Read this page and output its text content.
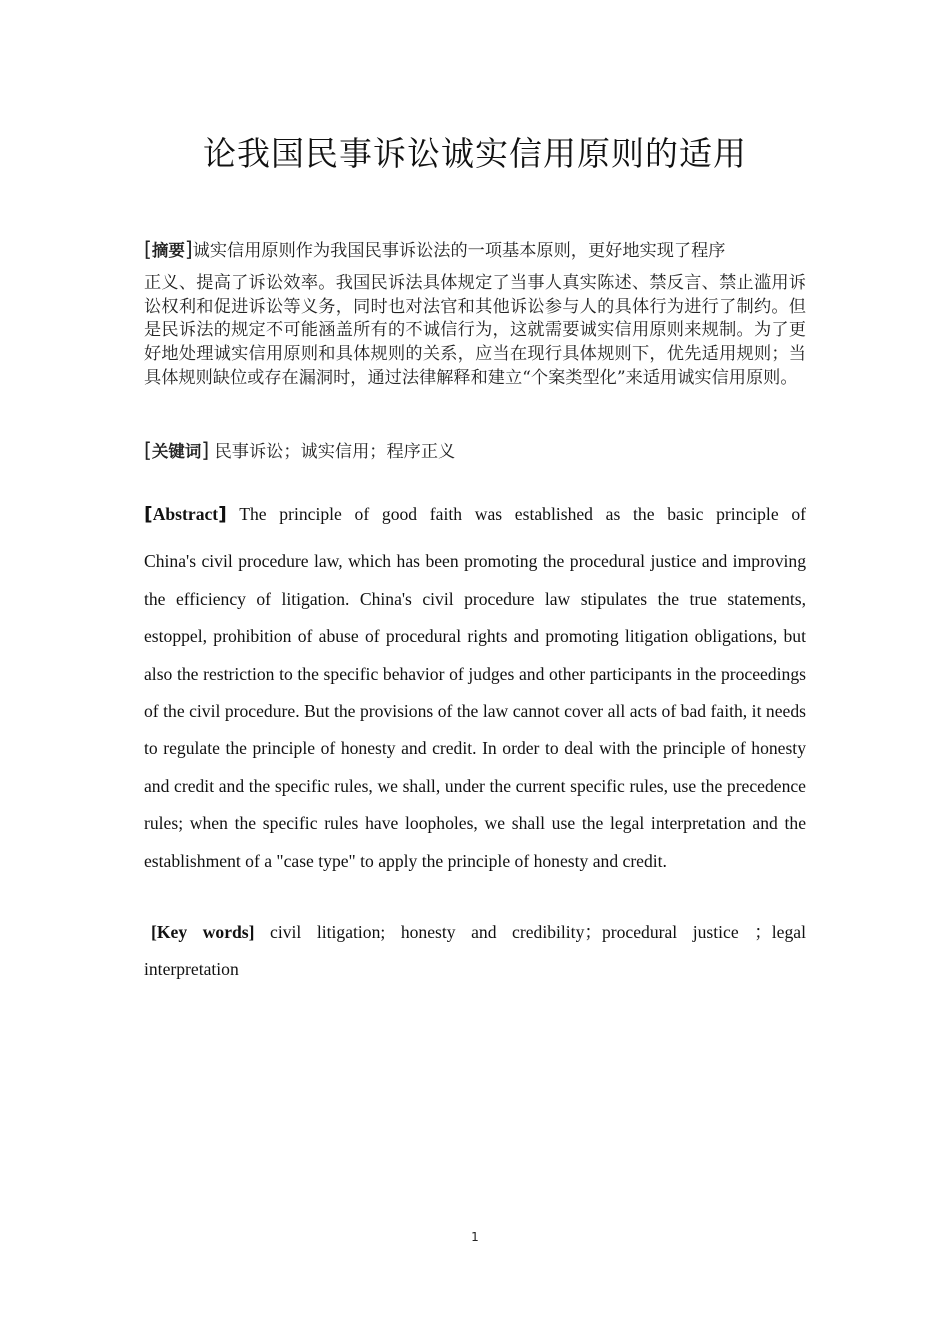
论我国民事诉讼诚实信用原则的适用
[摘要]诚实信用原则作为我国民事诉讼法的一项基本原则，更好地实现了程序
正义、提高了诉讼效率。我国民诉法具体规定了当事人真实陈述、禁反言、禁止滥用诉讼权利和促进诉讼等义务，同时也对法官和其他诉讼参与人的具体行为进行了制约。但是民诉法的规定不可能涵盖所有的不诚信行为，这就需要诚实信用原则来规制。为了更好地处理诚实信用原则和具体规则的关系，应当在现行具体规则下，优先适用规则；当具体规则缺位或存在漏洞时，通过法律解释和建立“个案类型化”来适用诚实信用原则。
[关键词] 民事诉讼；诚实信用；程序正义
[Abstract] The principle of good faith was established as the basic principle of
China's civil procedure law, which has been promoting the procedural justice and improving the efficiency of litigation. China's civil procedure law stipulates the true statements, estoppel, prohibition of abuse of procedural rights and promoting litigation obligations, but also the restriction to the specific behavior of judges and other participants in the proceedings of the civil procedure. But the provisions of the law cannot cover all acts of bad faith, it needs to regulate the principle of honesty and credit. In order to deal with the principle of honesty and credit and the specific rules, we shall, under the current specific rules, use the precedence rules; when the specific rules have loopholes, we shall use the legal interpretation and the establishment of a "case type" to apply the principle of honesty and credit.
[Key words] civil litigation; honesty and credibility；procedural justice ；legal interpretation
1
